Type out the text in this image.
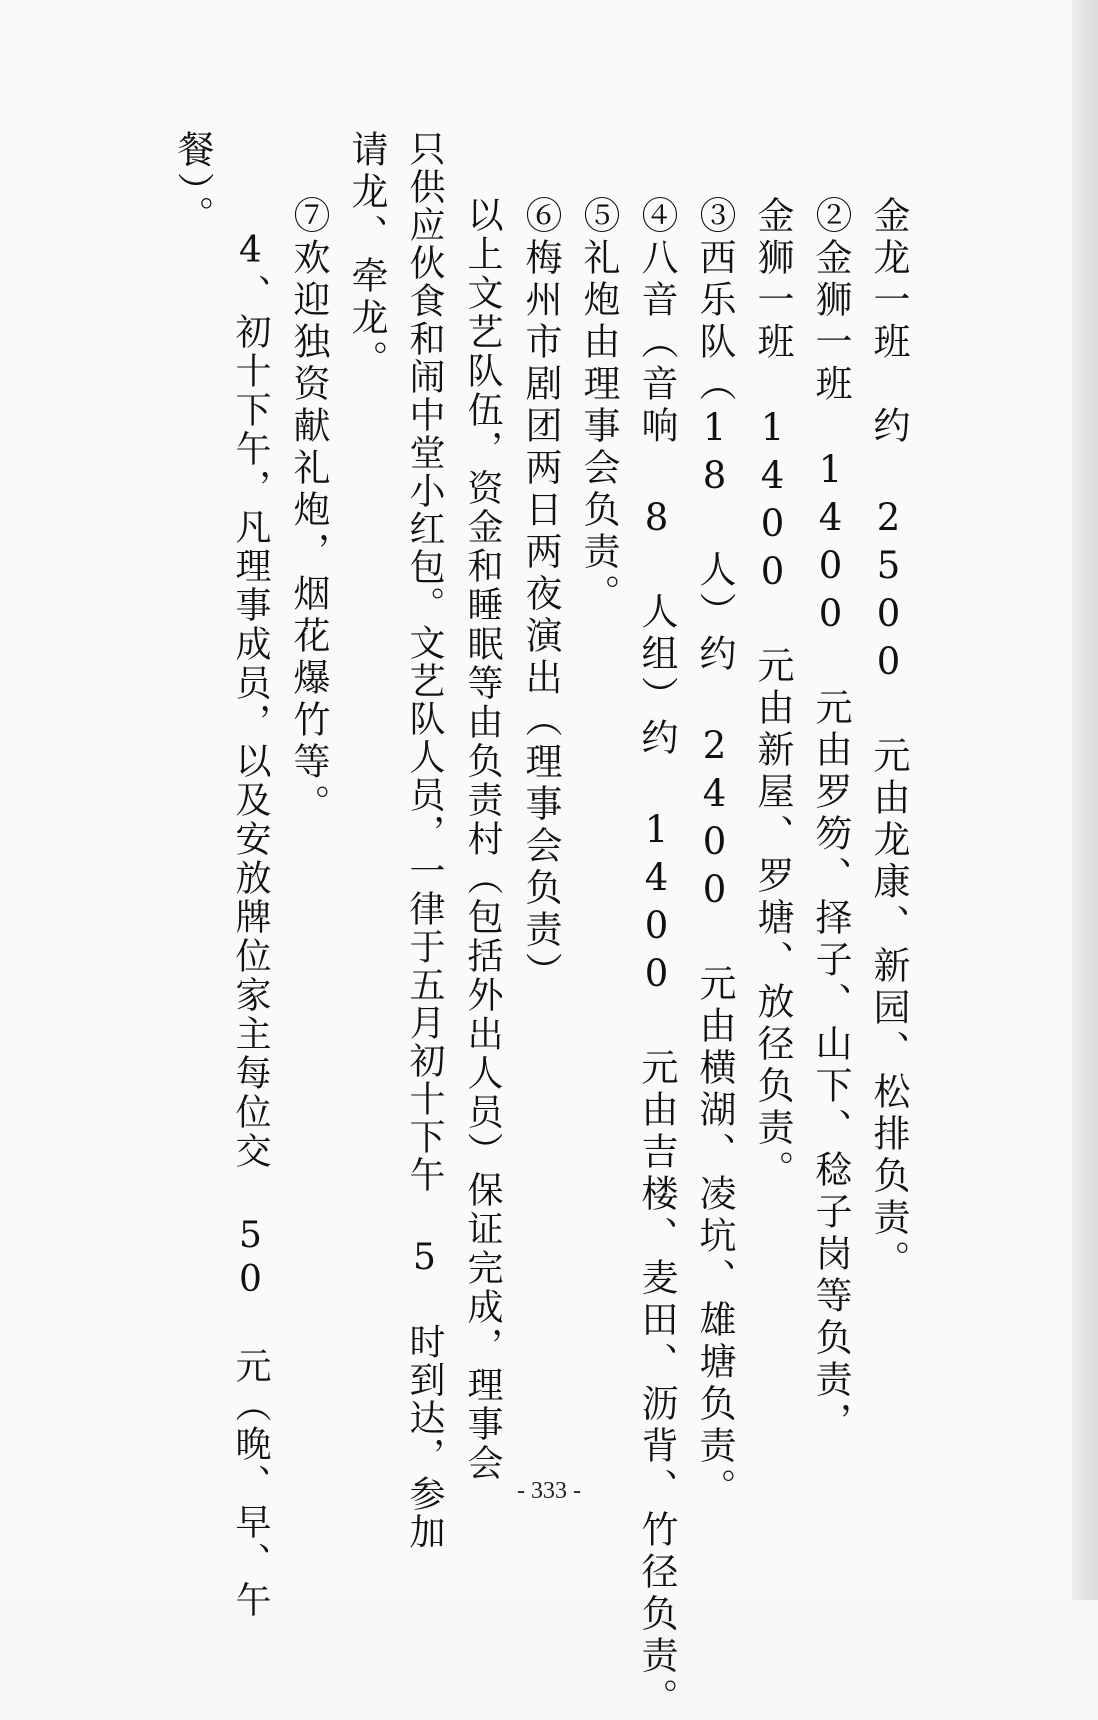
金龙一班　约 2500 元由龙康、新园、松排负责。
②金狮一班　1400 元由罗笏、择子、山下、稔子岗等负责，
金狮一班　1400 元由新屋、罗塘、放径负责。
③西乐队（18 人）约 2400 元由横湖、凌坑、雄塘负责。
④八音（音响 8 人组）约 1400 元由吉楼、麦田、沥背、竹径负责。
⑤礼炮由理事会负责。
⑥梅州市剧团两日两夜演出（理事会负责）
以上文艺队伍，资金和睡眠等由负责村（包括外出人员）保证完成，理事会
只供应伙食和闹中堂小红包。文艺队人员，一律于五月初十下午 5 时到达，参加
请龙、牵龙。
⑦欢迎独资献礼炮，烟花爆竹等。
4、初十下午，凡理事成员，以及安放牌位家主每位交 50 元（晚、早、午
餐）。
- 333 -
